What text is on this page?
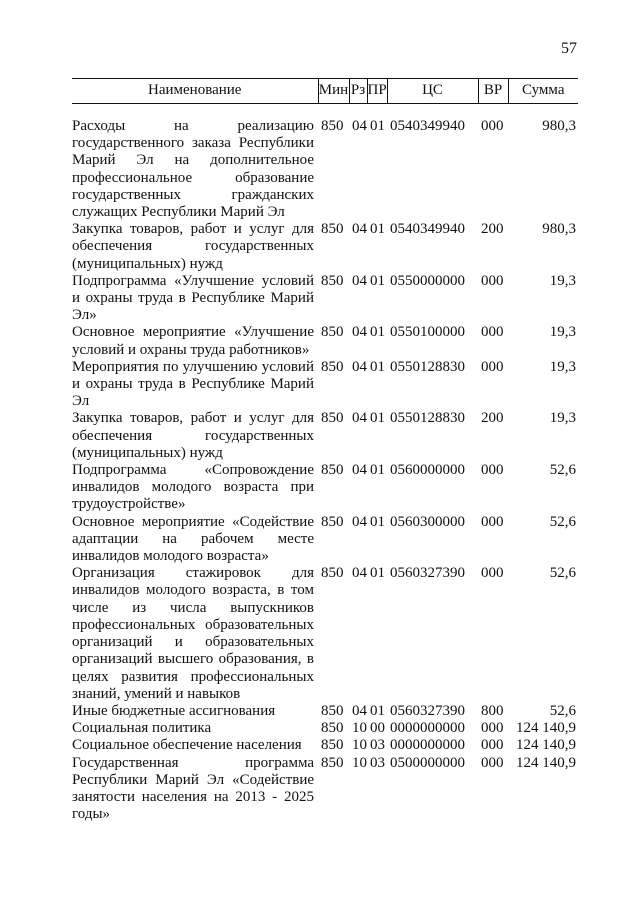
57
Наименование	Мин	Рз	ПР	ЦС	ВР	Сумма

Расходы на реализацию государственного заказа Республики Марий Эл на дополнительное профессиональное образование государственных гражданских служащих Республики Марий Эл	850	04	01	0540349940	000	980,3
Закупка товаров, работ и услуг для обеспечения государственных (муниципальных) нужд	850	04	01	0540349940	200	980,3
Подпрограмма «Улучшение условий и охраны труда в Республике Марий Эл»	850	04	01	0550000000	000	19,3
Основное мероприятие «Улучшение условий и охраны труда работников»	850	04	01	0550100000	000	19,3
Мероприятия по улучшению условий и охраны труда в Республике Марий Эл	850	04	01	0550128830	000	19,3
Закупка товаров, работ и услуг для обеспечения государственных (муниципальных) нужд	850	04	01	0550128830	200	19,3
Подпрограмма «Сопровождение инвалидов молодого возраста при трудоустройстве»	850	04	01	0560000000	000	52,6
Основное мероприятие «Содействие адаптации на рабочем месте инвалидов молодого возраста»	850	04	01	0560300000	000	52,6
Организация стажировок для инвалидов молодого возраста, в том числе из числа выпускников профессиональных образовательных организаций и образовательных организаций высшего образования, в целях развития профессиональных знаний, умений и навыков	850	04	01	0560327390	000	52,6
Иные бюджетные ассигнования	850	04	01	0560327390	800	52,6
Социальная политика	850	10	00	0000000000	000	124 140,9
Социальное обеспечение населения	850	10	03	0000000000	000	124 140,9
Государственная программа Республики Марий Эл «Содействие занятости населения на 2013 - 2025 годы»	850	10	03	0500000000	000	124 140,9
